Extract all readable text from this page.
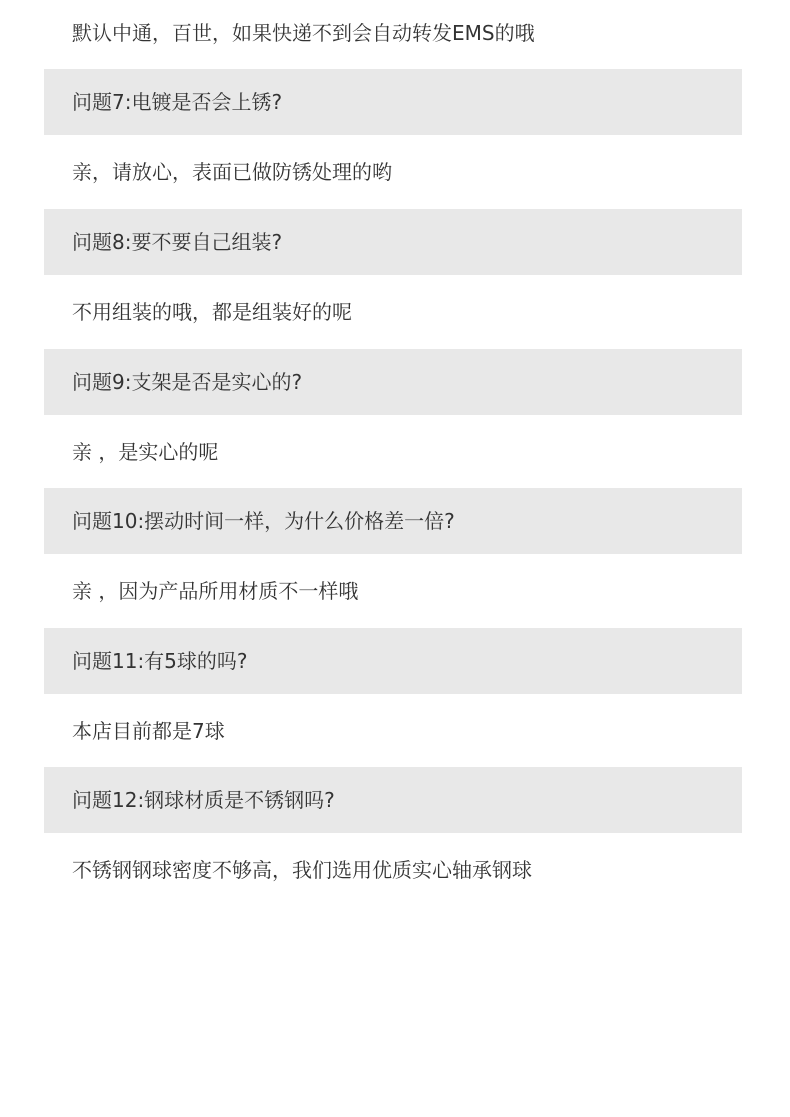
默认中通，百世，如果快递不到会自动转发EMS的哦
问题7:电镀是否会上锈?
亲，请放心，表面已做防锈处理的哟
问题8:要不要自己组装?
不用组装的哦，都是组装好的呢
问题9:支架是否是实心的?
亲 ，是实心的呢
问题10:摆动时间一样，为什么价格差一倍?
亲 ，因为产品所用材质不一样哦
问题11:有5球的吗?
本店目前都是7球
问题12:钢球材质是不锈钢吗?
不锈钢钢球密度不够高，我们选用优质实心轴承钢球
